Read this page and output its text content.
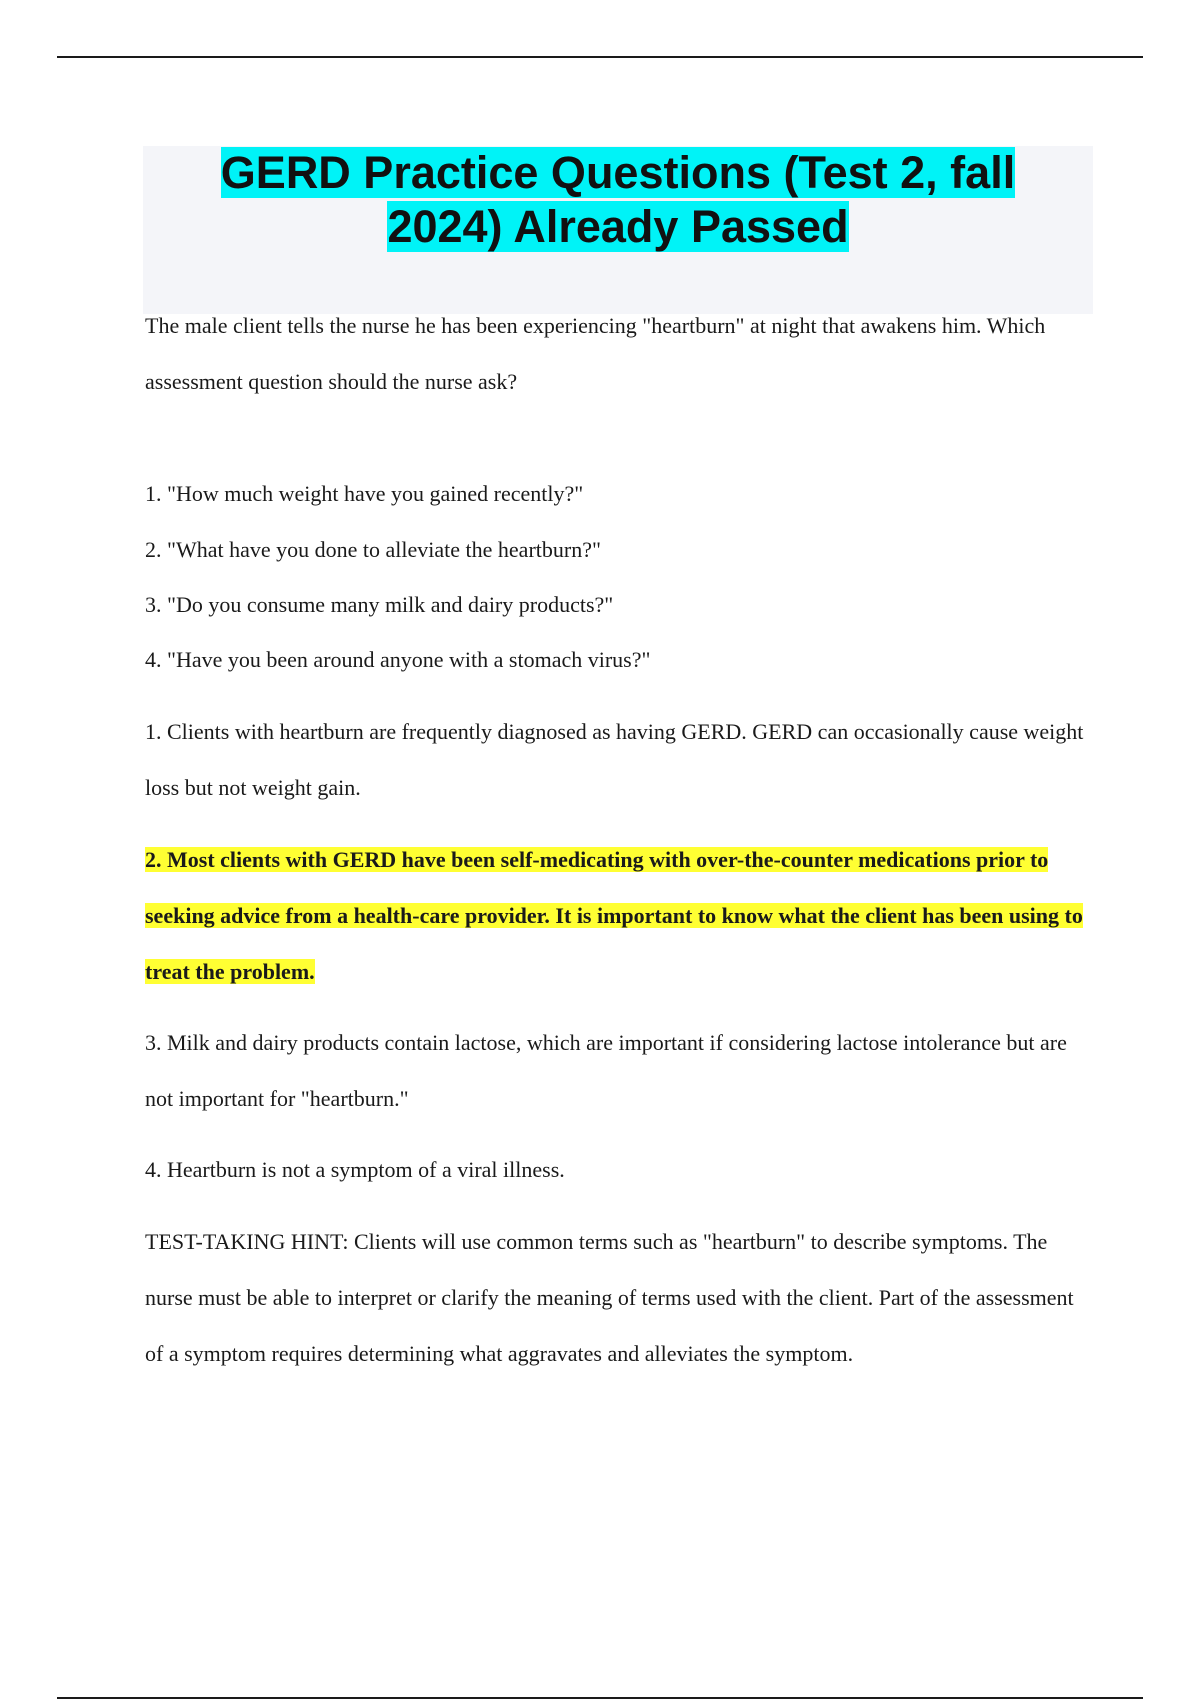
GERD Practice Questions (Test 2, fall 2024) Already Passed

The male client tells the nurse he has been experiencing "heartburn" at night that awakens him. Which assessment question should the nurse ask?

1. "How much weight have you gained recently?"

2. "What have you done to alleviate the heartburn?"

3. "Do you consume many milk and dairy products?"

4. "Have you been around anyone with a stomach virus?"

1. Clients with heartburn are frequently diagnosed as having GERD. GERD can occasionally cause weight loss but not weight gain.

2. Most clients with GERD have been self-medicating with over-the-counter medications prior to seeking advice from a health-care provider. It is important to know what the client has been using to treat the problem.

3. Milk and dairy products contain lactose, which are important if considering lactose intolerance but are not important for "heartburn."

4. Heartburn is not a symptom of a viral illness.

TEST-TAKING HINT: Clients will use common terms such as "heartburn" to describe symptoms. The nurse must be able to interpret or clarify the meaning of terms used with the client. Part of the assessment of a symptom requires determining what aggravates and alleviates the symptom.
